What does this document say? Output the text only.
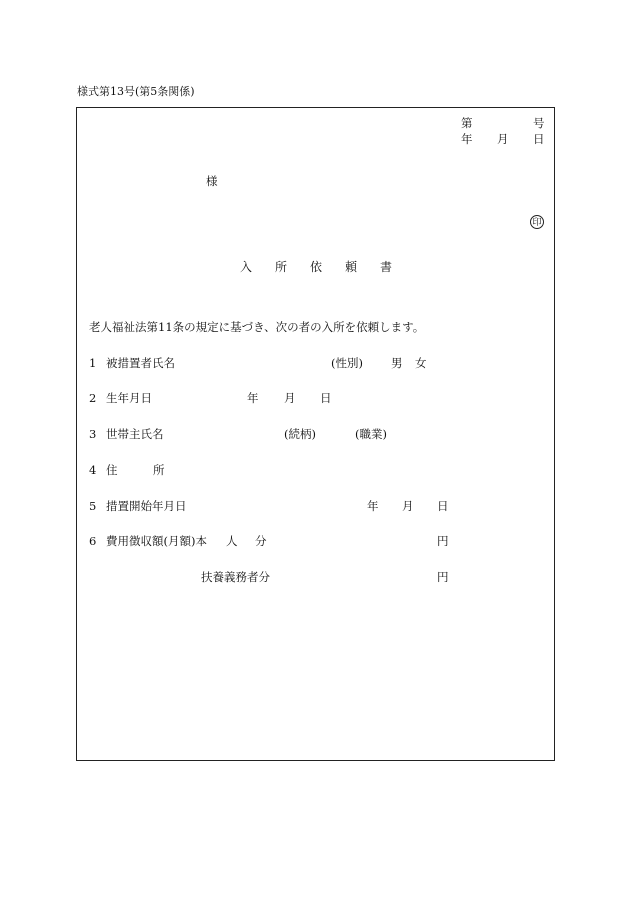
様式第13号(第5条関係)
第	号
年 月 日
様
印
入 所 依 頼 書
老人福祉法第11条の規定に基づき、次の者の入所を依頼します。
1 被措置者氏名	(性別) 男 女
2 生年月日	年 月 日
3 世帯主氏名	(続柄)	(職業)
4 住	所
5 措置開始年月日	年 月 日
6 費用徴収額(月額)本 人 分	円
扶養義務者分	円
